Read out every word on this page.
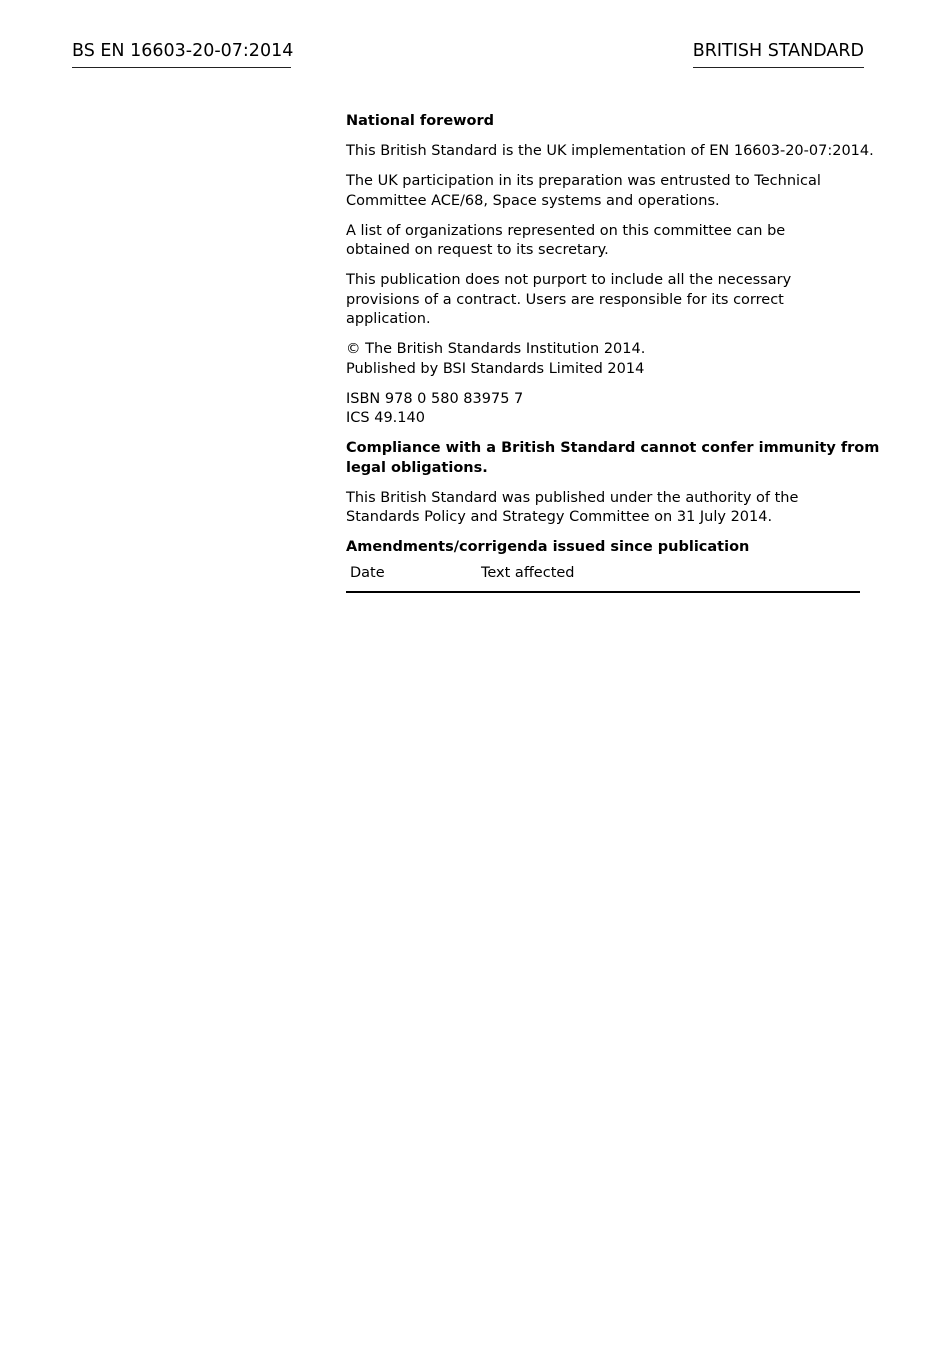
BS EN 16603-20-07:2014	BRITISH STANDARD

National foreword

This British Standard is the UK implementation of EN 16603-20-07:2014.

The UK participation in its preparation was entrusted to Technical
Committee ACE/68, Space systems and operations.

A list of organizations represented on this committee can be
obtained on request to its secretary.

This publication does not purport to include all the necessary
provisions of a contract. Users are responsible for its correct
application.

© The British Standards Institution 2014.
Published by BSI Standards Limited 2014

ISBN 978 0 580 83975 7
ICS 49.140

Compliance with a British Standard cannot confer immunity from
legal obligations.

This British Standard was published under the authority of the
Standards Policy and Strategy Committee on 31 July 2014.

Amendments/corrigenda issued since publication

Date	Text affected
